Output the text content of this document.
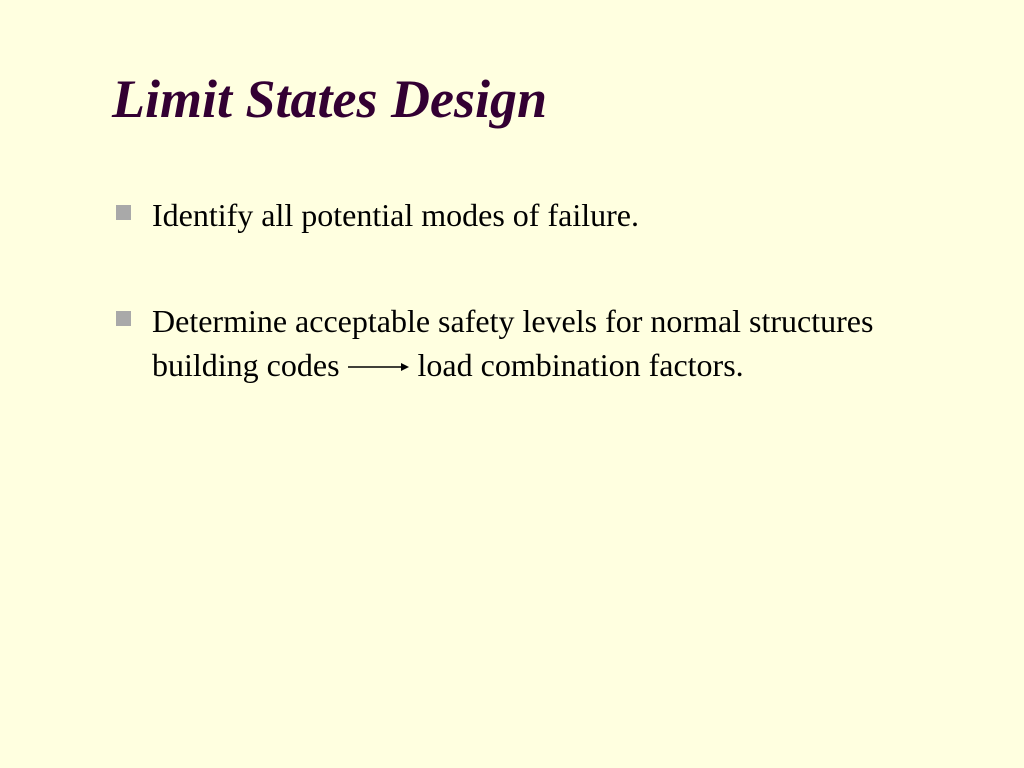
Limit States Design
Identify all potential modes of failure.
Determine acceptable safety levels for normal structures building codes load combination factors.
